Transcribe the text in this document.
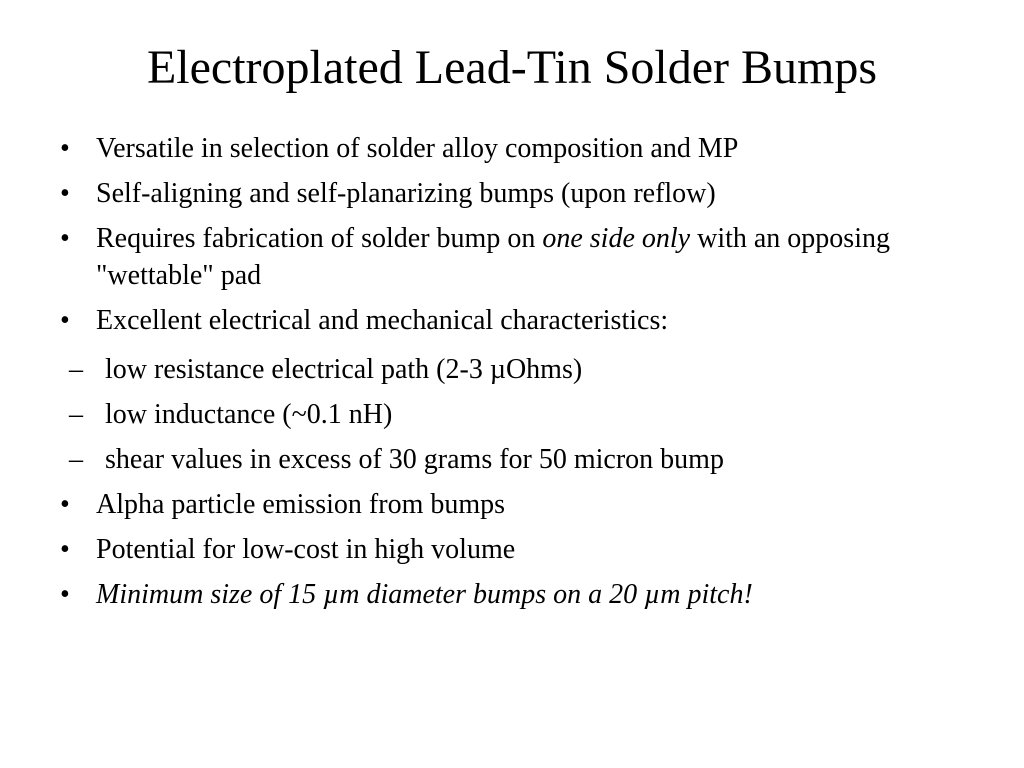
Electroplated Lead-Tin Solder Bumps
• Versatile in selection of solder alloy composition and MP
• Self-aligning and self-planarizing bumps (upon reflow)
• Requires fabrication of solder bump on one side only with an opposing "wettable" pad
• Excellent electrical and mechanical characteristics:
– low resistance electrical path (2-3 µOhms)
– low inductance (~0.1 nH)
– shear values in excess of 30 grams for 50 micron bump
• Alpha particle emission from bumps
• Potential for low-cost in high volume
• Minimum size of 15 µm diameter bumps on a 20 µm pitch!
